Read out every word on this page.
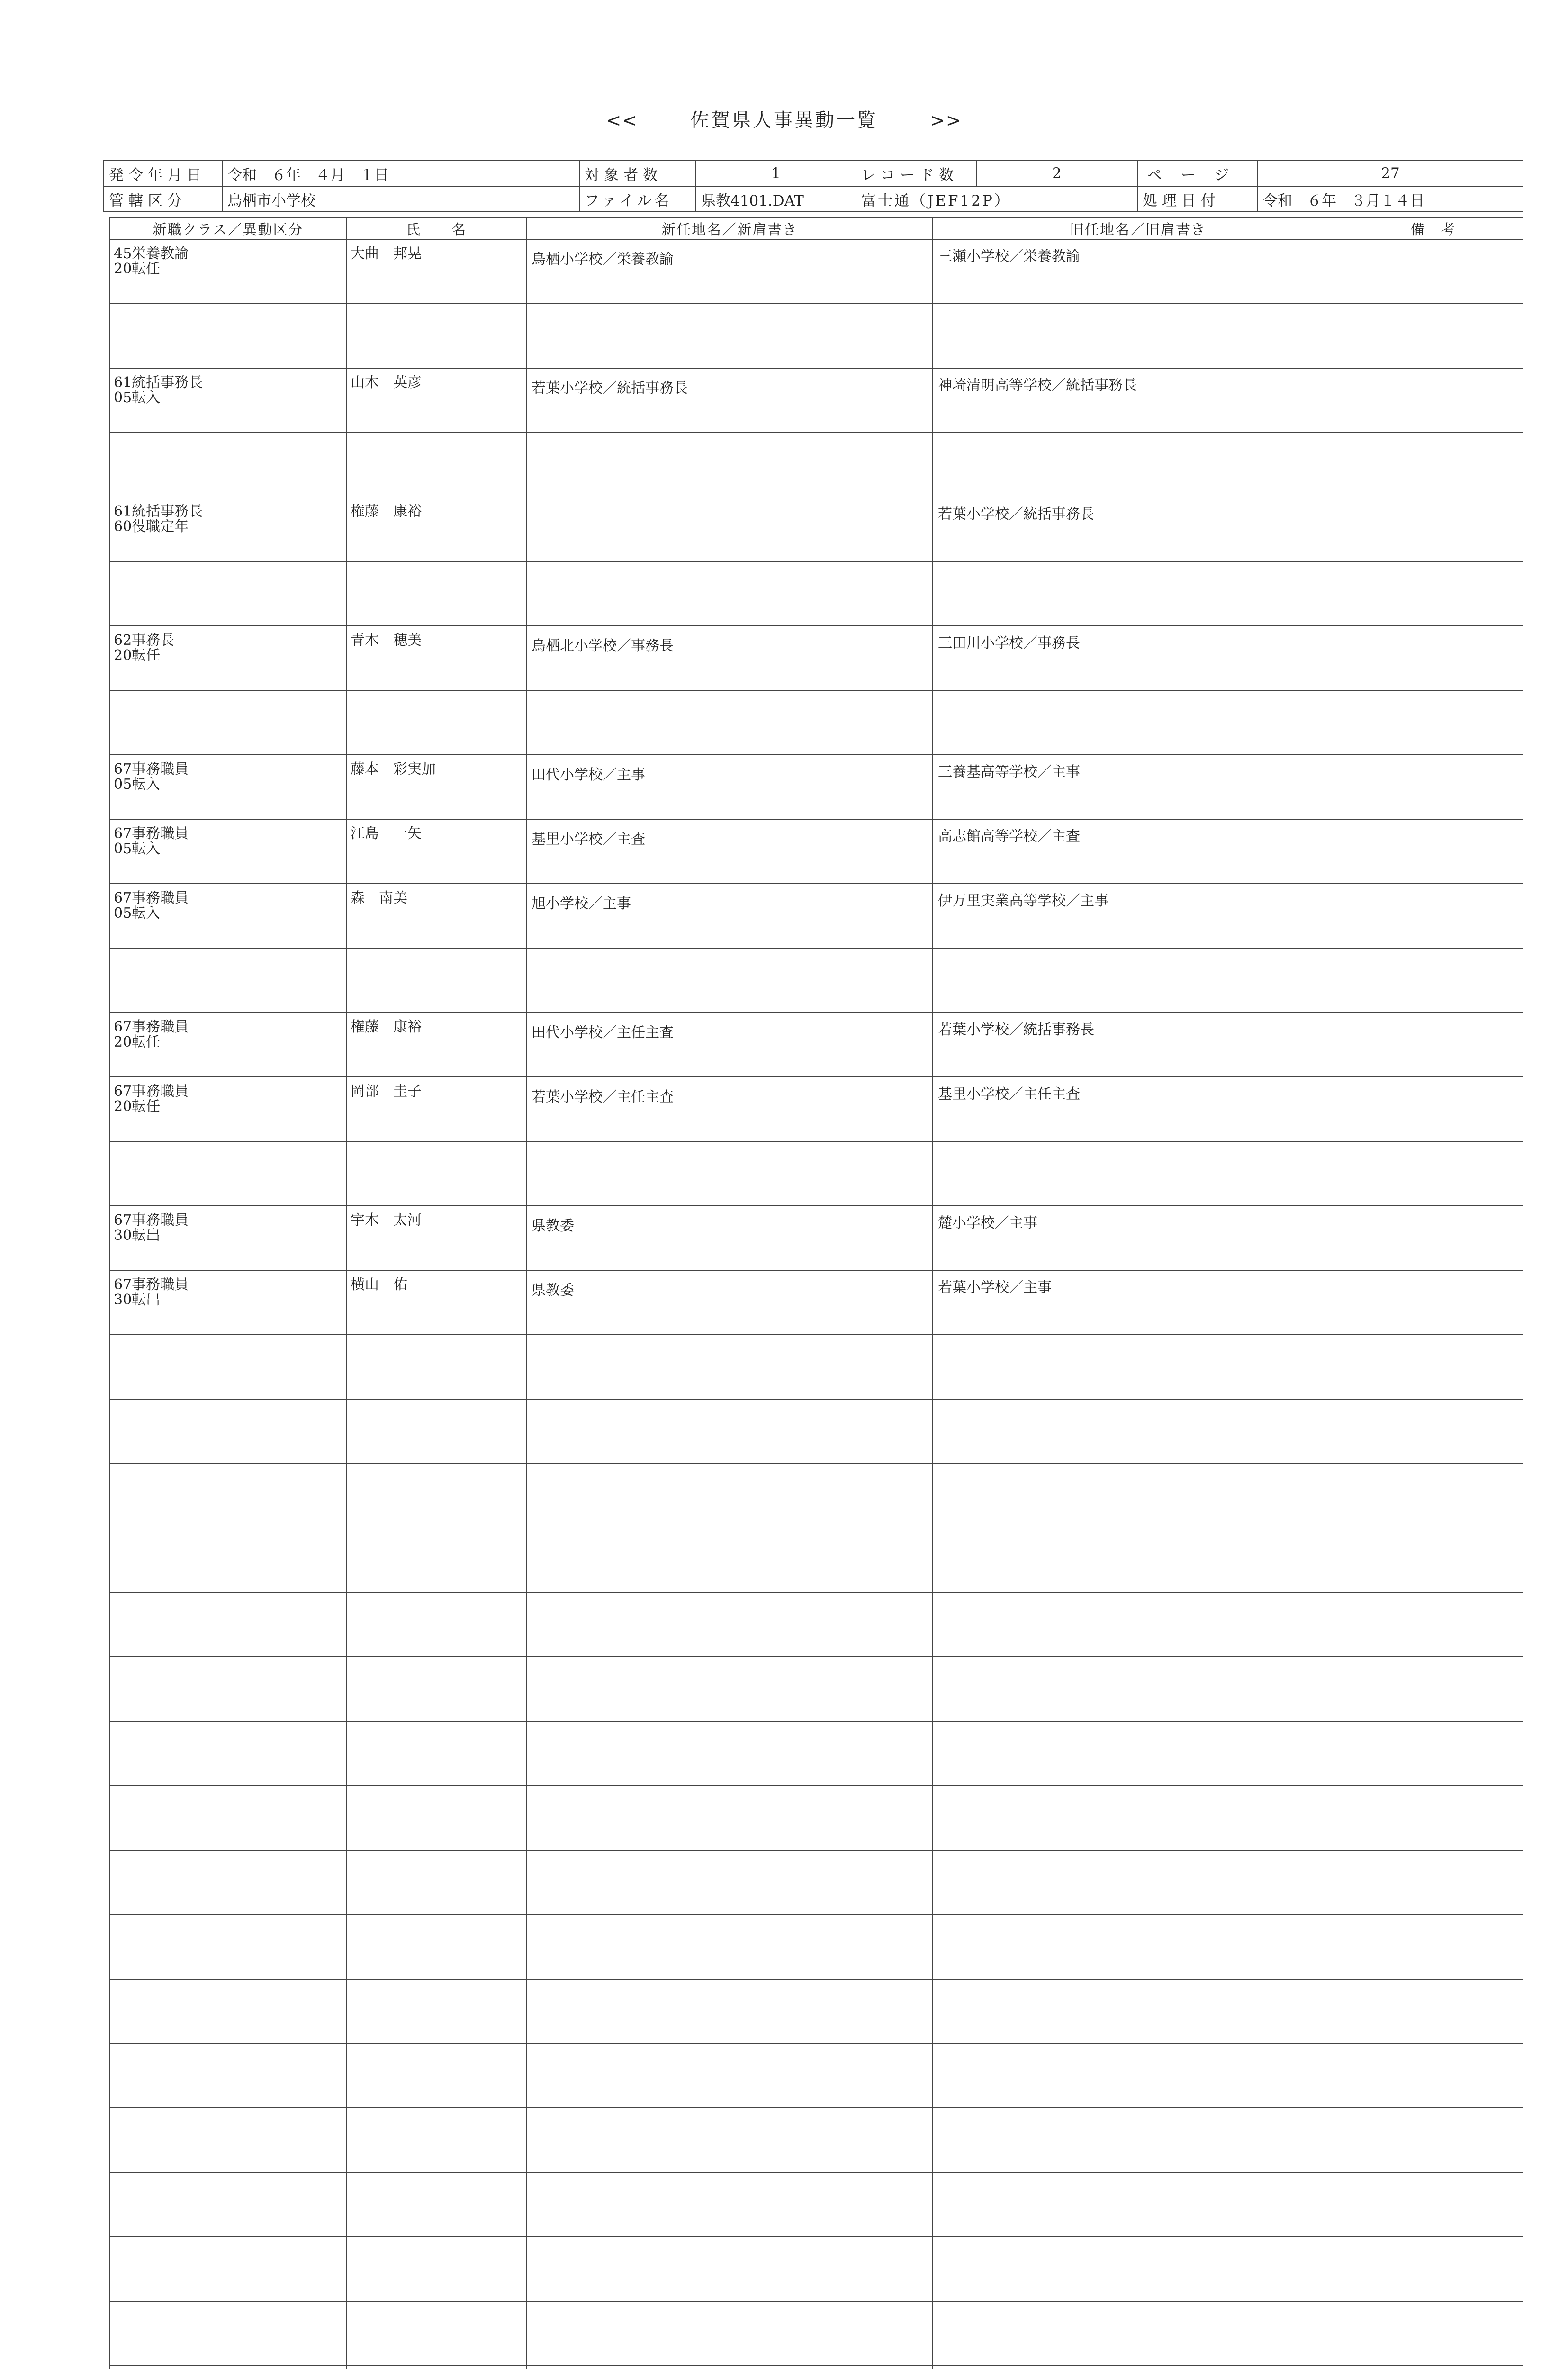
<<	佐賀県人事異動一覧	>>
発令年月日	令和　６年　４月　１日	対象者数	1	レコード数	2	ページ	27
管轄区分	鳥栖市小学校	ファイル名	県教4101.DAT	富士通（JEF12P）		処理日付	令和　６年　３月１４日
新職クラス／異動区分	氏　　名	新任地名／新肩書き	旧任地名／旧肩書き	備　考

45栄養教諭
20転任	大曲　邦晃	鳥栖小学校／栄養教諭	三瀬小学校／栄養教諭	

61統括事務長
05転入	山木　英彦	若葉小学校／統括事務長	神埼清明高等学校／統括事務長	

61統括事務長
60役職定年	権藤　康裕		若葉小学校／統括事務長	

62事務長
20転任	青木　穂美	鳥栖北小学校／事務長	三田川小学校／事務長	

67事務職員
05転入	藤本　彩実加	田代小学校／主事	三養基高等学校／主事	

67事務職員
05転入	江島　一矢	基里小学校／主査	高志館高等学校／主査	

67事務職員
05転入	森　南美	旭小学校／主事	伊万里実業高等学校／主事	

67事務職員
20転任	権藤　康裕	田代小学校／主任主査	若葉小学校／統括事務長	

67事務職員
20転任	岡部　圭子	若葉小学校／主任主査	基里小学校／主任主査	

67事務職員
30転出	宇木　太河	県教委	麓小学校／主事	

67事務職員
30転出	横山　佑	県教委	若葉小学校／主事	
